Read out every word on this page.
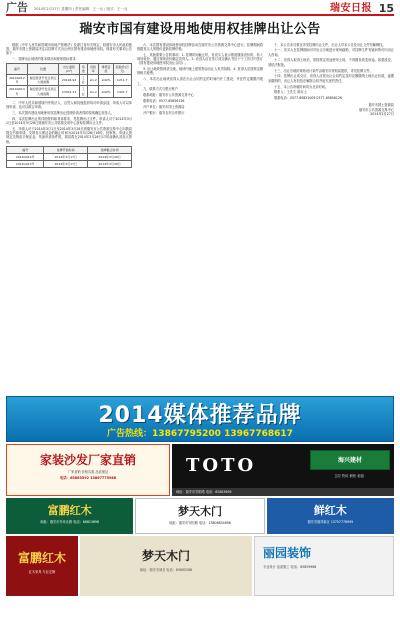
广告 2014年2月27日 星期四 / 责任编辑：王一兵 / 版式：王一兵	瑞安日报 15
瑞安市国有建设用地使用权挂牌出让公告

根据《中华人民共和国城市房地产管理法》及浙江省有关规定，经瑞安市人民政府批准，瑞安市国土资源局决定以挂牌方式出让两宗国有建设用地使用权。现将有关事项公告如下：

一、挂牌出让地块的基本情况和规划指标要求

编号	位置	出让面积(m²)	用途	容积率	建筑密度	起始价(万元)
2014G012号	瑞安经济开发区滨江大道南侧	20194.94	工业	≥1.2	≥40%	1211.7
2014G013号	瑞安经济开发区滨江大道南侧	23361.33	工业	≥1.2	≥40%	1401.7

二、中华人民共和国境内外的法人、自然人和其他组织均可申请参加，申请人可以单独申请，也可以联合申请。

三、本次国有建设用地使用权挂牌出让按照价高者得的原则确定竞得人。

四、本次挂牌出让的详细资料和具体要求，见挂牌出让文件。申请人可于2014年3月1日至2014年3月26日到瑞安市公共资源交易中心获取挂牌出让文件。

五、申请人可于2014年3月1日至2014年3月26日到瑞安市公共资源交易中心向我局提交书面申请。交纳竞买保证金的截止时间为2014年3月26日16时。经审核，申请人按规定交纳竞买保证金，具备申请条件的，我局将在2014年3月26日17时前确认其竞买资格。

编号	挂牌开始时间	挂牌截止时间
2014G012号	2014年3月17日	2014年3月28日
2014G013号	2014年3月17日	2014年3月28日

六、本次国有建设用地使用权挂牌活动在瑞安市公共资源交易中心进行。挂牌期间将根据竞买人的报价更新挂牌价格。

七、其他需要公告的事项：1. 挂牌时间截止时，有竞买人表示愿意继续竞价的，转入现场竞价，通过现场竞价确定竞得人。2. 竞得人应在签订成交确认书后十个工作日内签订《国有建设用地使用权出让合同》。

3. 出让地块按现状交地，地块内地上建筑物由出让人负责拆除。4. 竞得人应按规定缴纳相关税费。

八、本次出让地块竞得人须在出让合同约定的时间内开工建设，并在约定期限内竣工。

九、联系方式与银行账户

联系地址：瑞安市公共资源交易中心

联系电话：0577-65856126

开户单位：瑞安市国土资源局

开户银行：瑞安农村合作银行

十、本公告未尽事宜详见挂牌出让文件，出让人对本公告及出让文件有解释权。

十一、竞买人在挂牌期间可对出让宗地进行现场踏勘，对挂牌文件有疑问的可向出让人咨询。

十二、竞得人取得土地后，须按规定用途使用土地，不得擅自改变用途。如需改变，须依法报批。

十三、出让宗地的规划设计条件由瑞安市规划局提供，详见挂牌文件。

十四、挂牌出让成交后，竞得人应按出让合同约定及时足额缴纳土地出让价款，逾期未缴纳的，出让人有权依法解除合同并追究违约责任。

十五、本公告所载时间均为北京时间。

联系人：王先生 陈女士

联系电话：0577-65821009 0577-65856126

瑞安市国土资源局
瑞安市公共资源交易中心
2014年2月27日
2014媒体推荐品牌
广告热线：13867795200 13967768617
家装沙发厂家直销
厂家直销 价格实惠 品质保证
电话：65863592 13867775988
TOTO	海兴建材
卫浴 瓷砖 橱柜 地板
地址：瑞安市安阳路 电话：65883698
富鹏红木
地址：瑞安市外环北路 电话：66813698
梦天木门
地址：瑞安市安阳路 电话：13806834696
鲜红木
瑞安市瑞祥新区 13757778999
富鹏红木
红木家具 专业定制
梦天木门
地址：瑞安市城北 电话：65895288
丽园装饰
专业设计 品质施工 电话：65859968
